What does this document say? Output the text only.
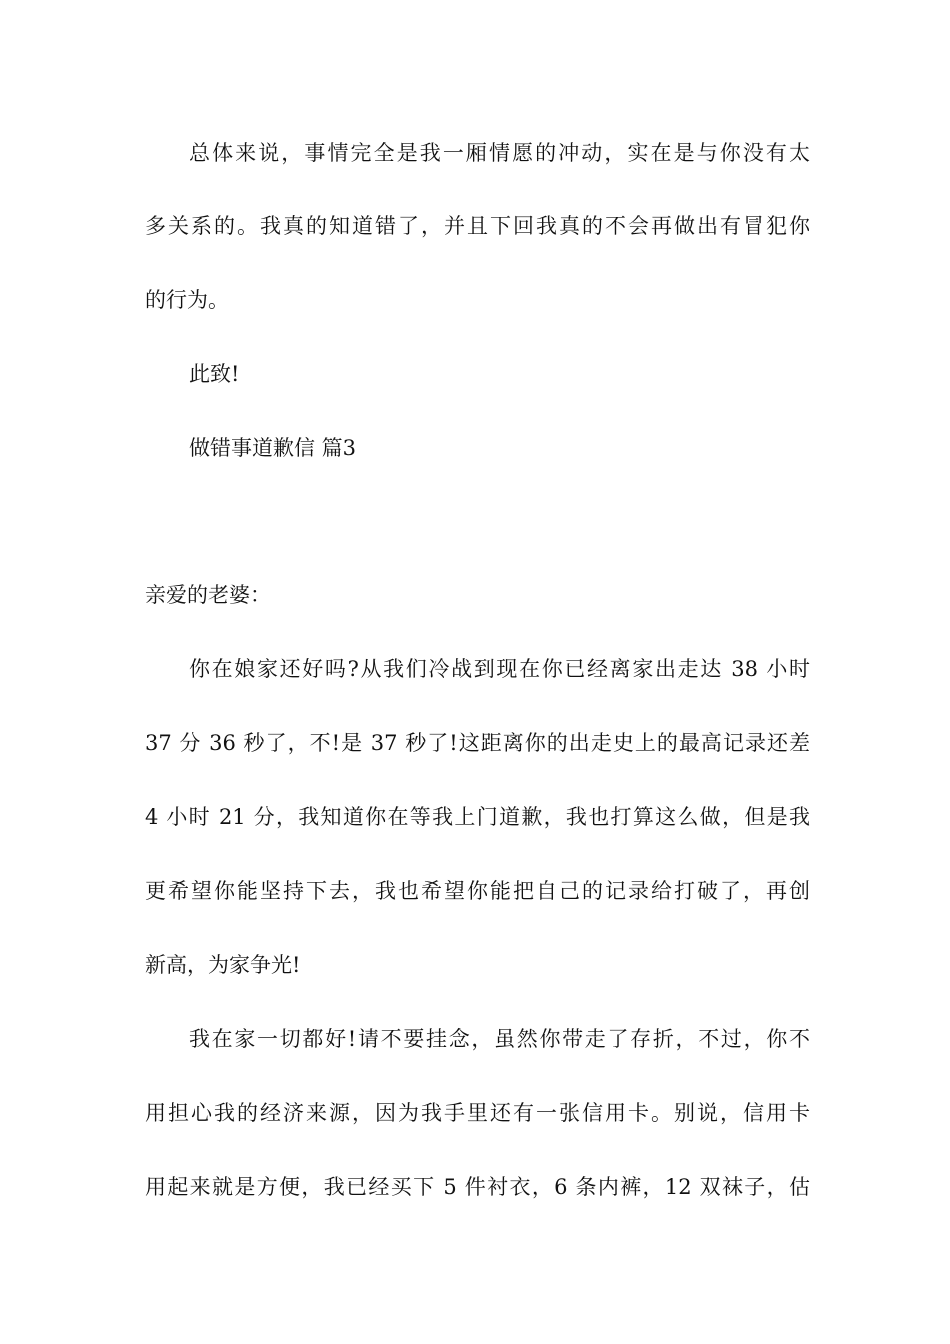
总体来说，事情完全是我一厢情愿的冲动，实在是与你没有太
多关系的。我真的知道错了，并且下回我真的不会再做出有冒犯你
的行为。
此致!
做错事道歉信 篇3
亲爱的老婆：
你在娘家还好吗?从我们冷战到现在你已经离家出走达 38 小时
37 分 36 秒了，不!是 37 秒了!这距离你的出走史上的最高记录还差
4 小时 21 分，我知道你在等我上门道歉，我也打算这么做，但是我
更希望你能坚持下去，我也希望你能把自己的记录给打破了，再创
新高，为家争光!
我在家一切都好!请不要挂念，虽然你带走了存折，不过，你不
用担心我的经济来源，因为我手里还有一张信用卡。别说，信用卡
用起来就是方便，我已经买下 5 件衬衣，6 条内裤，12 双袜子，估
